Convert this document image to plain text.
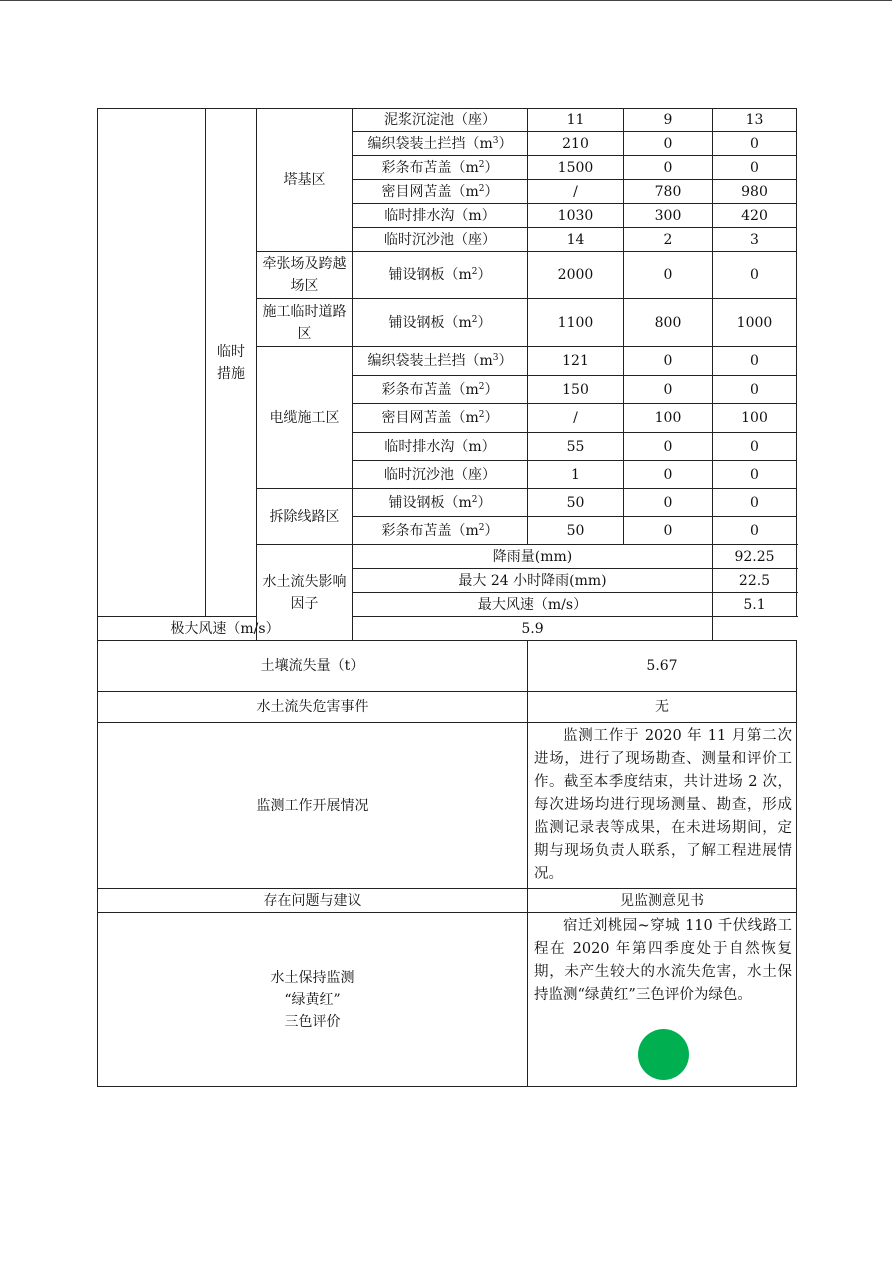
	临时
措施	塔基区	泥浆沉淀池（座）	11	9	13
			编织袋装土拦挡$(m^3)$	210	0	0
			彩条布苫盖$(m^2)$	1500	0	0
			密目网苫盖$(m^2)$	/	780	980
			临时排水沟（m）	1030	300	420
			临时沉沙池（座）	14	2	3
		牵张场及跨越场区	铺设钢板$(m^2)$	2000	0	0
		施工临时道路区	铺设钢板$(m^2)$	1100	800	1000
		电缆施工区	编织袋装土拦挡$(m^3)$	121	0	0
			彩条布苫盖$(m^2)$	150	0	0
			密目网苫盖$(m^2)$	/	100	100
			临时排水沟（m）	55	0	0
			临时沉沙池（座）	1	0	0
		拆除线路区	铺设钢板$(m^2)$	50	0	0
			彩条布苫盖$(m^2)$	50	0	0
		水土流失影响因子	降雨量(mm)			92.25
			最大 24 小时降雨(mm)			22.5
			最大风速（m/s）			5.1
极大风速（m/s）			5.9			
土壤流失量（t）				5.67		
水土流失危害事件				无		
监测工作开展情况				监测工作于 2020 年 11 月第二次进场，进行了现场勘查、测量和评价工作。截至本季度结束，共计进场 2 次，每次进场均进行现场测量、勘查，形成监测记录表等成果，在未进场期间，定期与现场负责人联系，了解工程进展情况。		
存在问题与建议				见监测意见书		

水土保持监测
“绿黄红”
三色评价				宿迁刘桃园~穿城 110 千伏线路工程在 2020 年第四季度处于自然恢复期，未产生较大的水流失危害，水土保持监测“绿黄红”三色评价为绿色。		
